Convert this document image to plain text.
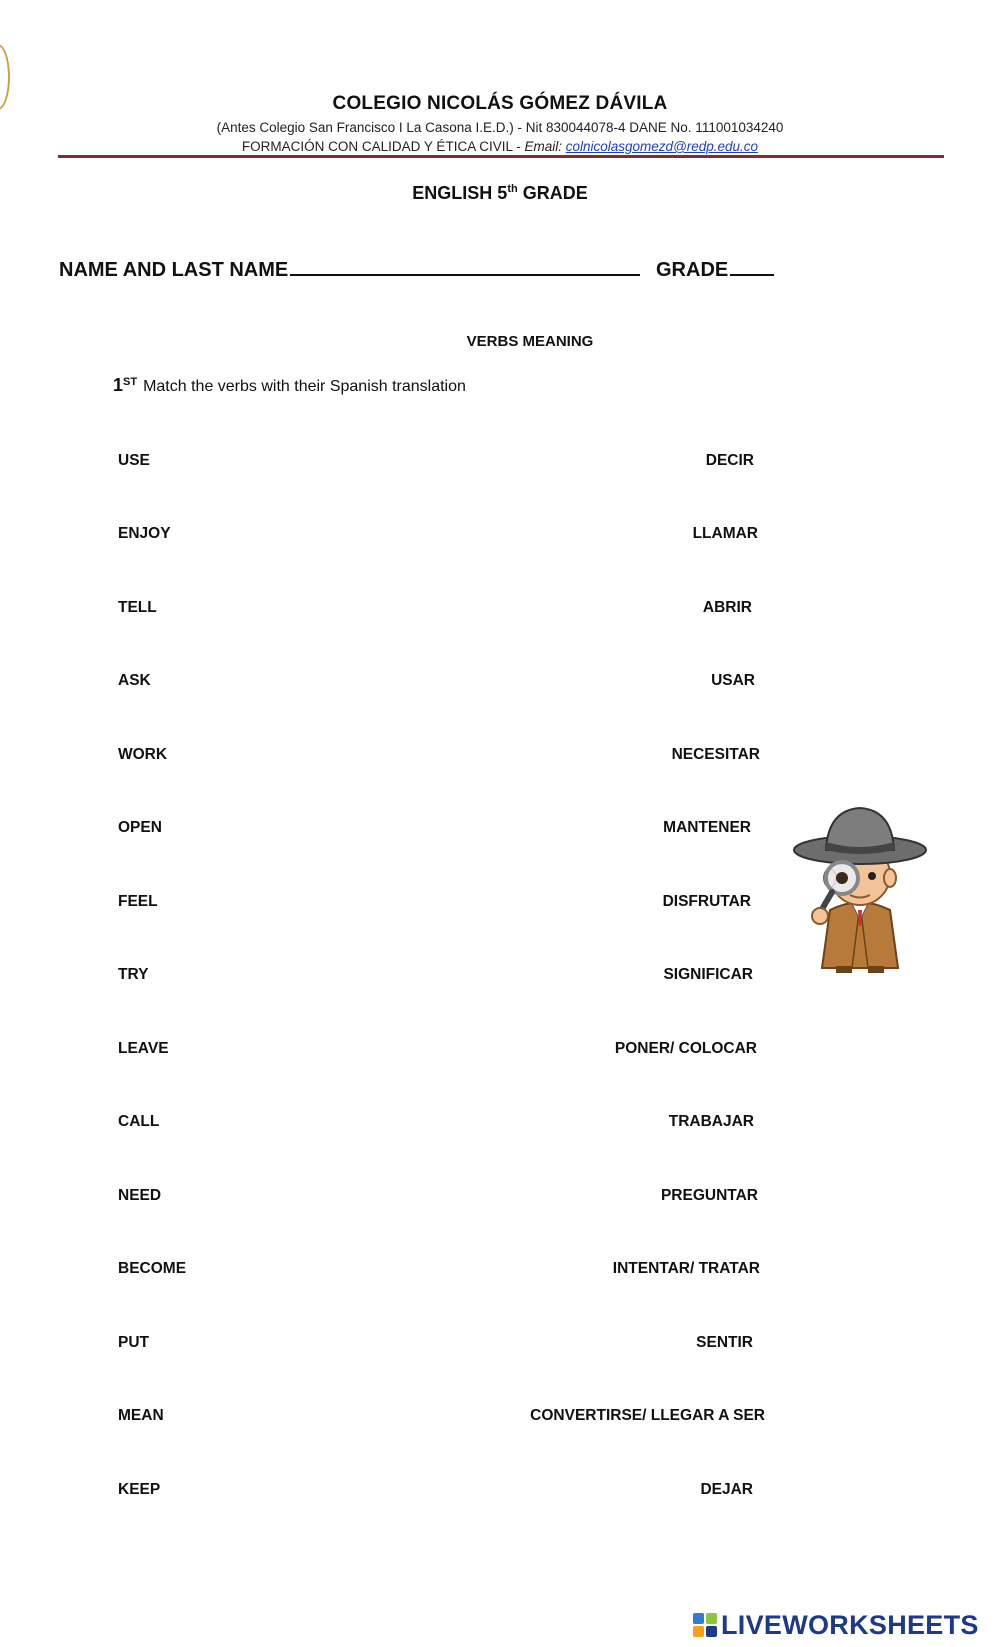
COLEGIO NICOLÁS GÓMEZ DÁVILA
(Antes Colegio San Francisco I La Casona I.E.D.) - Nit 830044078-4 DANE No. 111001034240
FORMACIÓN CON CALIDAD Y ÉTICA CIVIL - Email: colnicolasgomezd@redp.edu.co
ENGLISH 5th GRADE
NAME AND LAST NAME	GRADE
VERBS MEANING
1ST Match the verbs with their Spanish translation
USE	DECIR
ENJOY	LLAMAR
TELL	ABRIR
ASK	USAR
WORK	NECESITAR
OPEN	MANTENER
FEEL	DISFRUTAR
TRY	SIGNIFICAR
LEAVE	PONER/ COLOCAR
CALL	TRABAJAR
NEED	PREGUNTAR
BECOME	INTENTAR/ TRATAR
PUT	SENTIR
MEAN	CONVERTIRSE/ LLEGAR A SER
KEEP	DEJAR
LIVEWORKSHEETS
